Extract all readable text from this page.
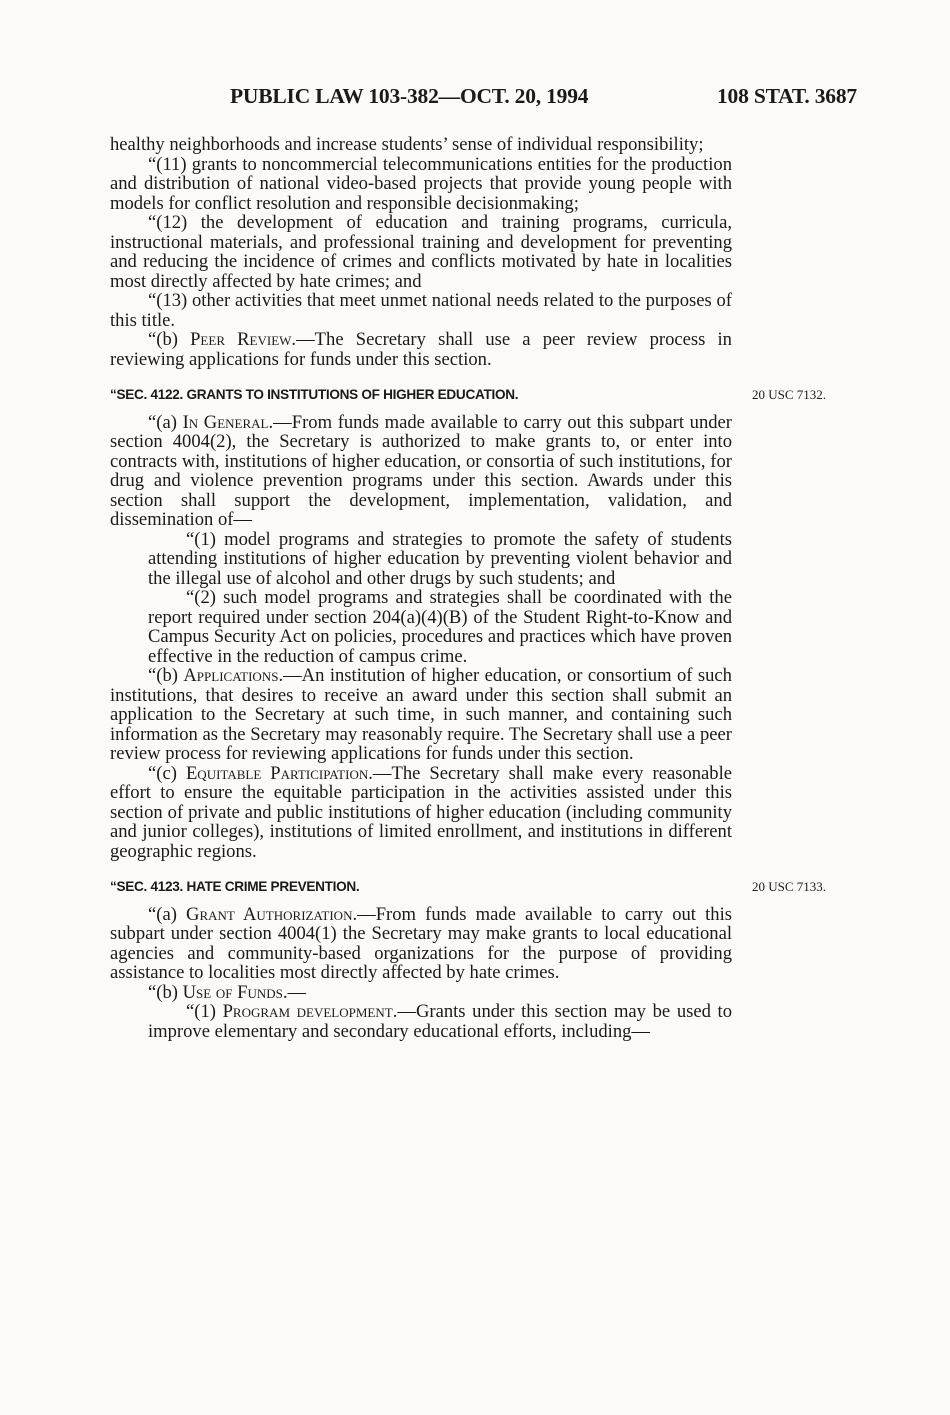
PUBLIC LAW 103-382—OCT. 20, 1994	108 STAT. 3687

healthy neighborhoods and increase students’ sense of individual responsibility;

“(11) grants to noncommercial telecommunications entities for the production and distribution of national video-based projects that provide young people with models for conflict resolution and responsible decisionmaking;

“(12) the development of education and training programs, curricula, instructional materials, and professional training and development for preventing and reducing the incidence of crimes and conflicts motivated by hate in localities most directly affected by hate crimes; and

“(13) other activities that meet unmet national needs related to the purposes of this title.

“(b) Peer Review.—The Secretary shall use a peer review process in reviewing applications for funds under this section.

“SEC. 4122. GRANTS TO INSTITUTIONS OF HIGHER EDUCATION.	20 USC 7132.

“(a) In General.—From funds made available to carry out this subpart under section 4004(2), the Secretary is authorized to make grants to, or enter into contracts with, institutions of higher education, or consortia of such institutions, for drug and violence prevention programs under this section. Awards under this section shall support the development, implementation, validation, and dissemination of—

“(1) model programs and strategies to promote the safety of students attending institutions of higher education by preventing violent behavior and the illegal use of alcohol and other drugs by such students; and

“(2) such model programs and strategies shall be coordinated with the report required under section 204(a)(4)(B) of the Student Right-to-Know and Campus Security Act on policies, procedures and practices which have proven effective in the reduction of campus crime.

“(b) Applications.—An institution of higher education, or consortium of such institutions, that desires to receive an award under this section shall submit an application to the Secretary at such time, in such manner, and containing such information as the Secretary may reasonably require. The Secretary shall use a peer review process for reviewing applications for funds under this section.

“(c) Equitable Participation.—The Secretary shall make every reasonable effort to ensure the equitable participation in the activities assisted under this section of private and public institutions of higher education (including community and junior colleges), institutions of limited enrollment, and institutions in different geographic regions.

“SEC. 4123. HATE CRIME PREVENTION.	20 USC 7133.

“(a) Grant Authorization.—From funds made available to carry out this subpart under section 4004(1) the Secretary may make grants to local educational agencies and community-based organizations for the purpose of providing assistance to localities most directly affected by hate crimes.

“(b) Use of Funds.—

“(1) Program development.—Grants under this section may be used to improve elementary and secondary educational efforts, including—
